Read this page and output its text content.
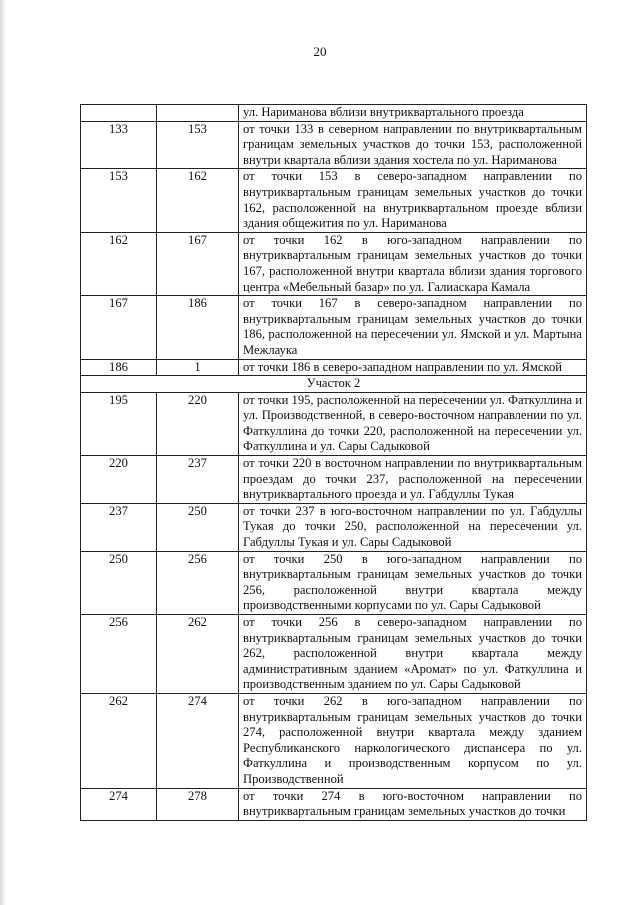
20
		ул. Нариманова вблизи внутриквартального проезда
133	153	от точки 133 в северном направлении по внутриквартальным границам земельных участков до точки 153, расположенной внутри квартала вблизи здания хостела по ул. Нариманова
153	162	от точки 153 в северо-западном направлении по внутриквартальным границам земельных участков до точки 162, расположенной на внутриквартальном проезде вблизи здания общежития по ул. Нариманова
162	167	от точки 162 в юго-западном направлении по внутриквартальным границам земельных участков до точки 167, расположенной внутри квартала вблизи здания торгового центра «Мебельный базар» по ул. Галиаскара Камала
167	186	от точки 167 в северо-западном направлении по внутриквартальным границам земельных участков до точки 186, расположенной на пересечении ул. Ямской и ул. Мартына Межлаука
186	1	от точки 186 в северо-западном направлении по ул. Ямской
Участок 2		
195	220	от точки 195, расположенной на пересечении ул. Фаткуллина и ул. Производственной, в северо-восточном направлении по ул. Фаткуллина до точки 220, расположенной на пересечении ул. Фаткуллина и ул. Сары Садыковой
220	237	от точки 220 в восточном направлении по внутриквартальным проездам до точки 237, расположенной на пересечении внутриквартального проезда и ул. Габдуллы Тукая
237	250	от точки 237 в юго-восточном направлении по ул. Габдуллы Тукая до точки 250, расположенной на пересечении ул. Габдуллы Тукая и ул. Сары Садыковой
250	256	от точки 250 в юго-западном направлении по внутриквартальным границам земельных участков до точки 256, расположенной внутри квартала между производственными корпусами по ул. Сары Садыковой
256	262	от точки 256 в северо-западном направлении по внутриквартальным границам земельных участков до точки 262, расположенной внутри квартала между административным зданием «Аромат» по ул. Фаткуллина и производственным зданием по ул. Сары Садыковой
262	274	от точки 262 в юго-западном направлении по внутриквартальным границам земельных участков до точки 274, расположенной внутри квартала между зданием Республиканского наркологического диспансера по ул. Фаткуллина и производственным корпусом по ул. Производственной
274	278	от точки 274 в юго-восточном направлении по внутриквартальным границам земельных участков до точки
